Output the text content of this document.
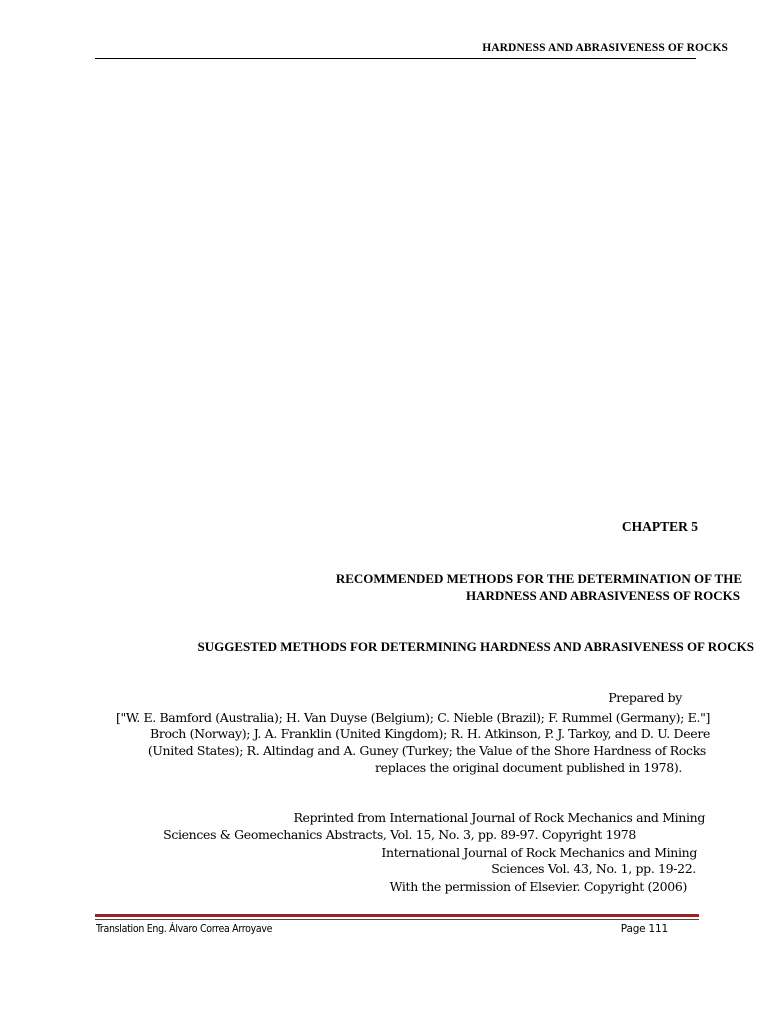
HARDNESS AND ABRASIVENESS OF ROCKS
CHAPTER 5
RECOMMENDED METHODS FOR THE DETERMINATION OF THE
HARDNESS AND ABRASIVENESS OF ROCKS
SUGGESTED METHODS FOR DETERMINING HARDNESS AND ABRASIVENESS OF ROCKS
Prepared by
["W. E. Bamford (Australia); H. Van Duyse (Belgium); C. Nieble (Brazil); F. Rummel (Germany); E."]
Broch (Norway); J. A. Franklin (United Kingdom); R. H. Atkinson, P. J. Tarkoy, and D. U. Deere
(United States); R. Altindag and A. Guney (Turkey; the Value of the Shore Hardness of Rocks
replaces the original document published in 1978).
Reprinted from International Journal of Rock Mechanics and Mining
Sciences & Geomechanics Abstracts, Vol. 15, No. 3, pp. 89-97. Copyright 1978
International Journal of Rock Mechanics and Mining
Sciences Vol. 43, No. 1, pp. 19-22.
With the permission of Elsevier. Copyright (2006)
Translation Eng. Álvaro Correa Arroyave	Page 111
